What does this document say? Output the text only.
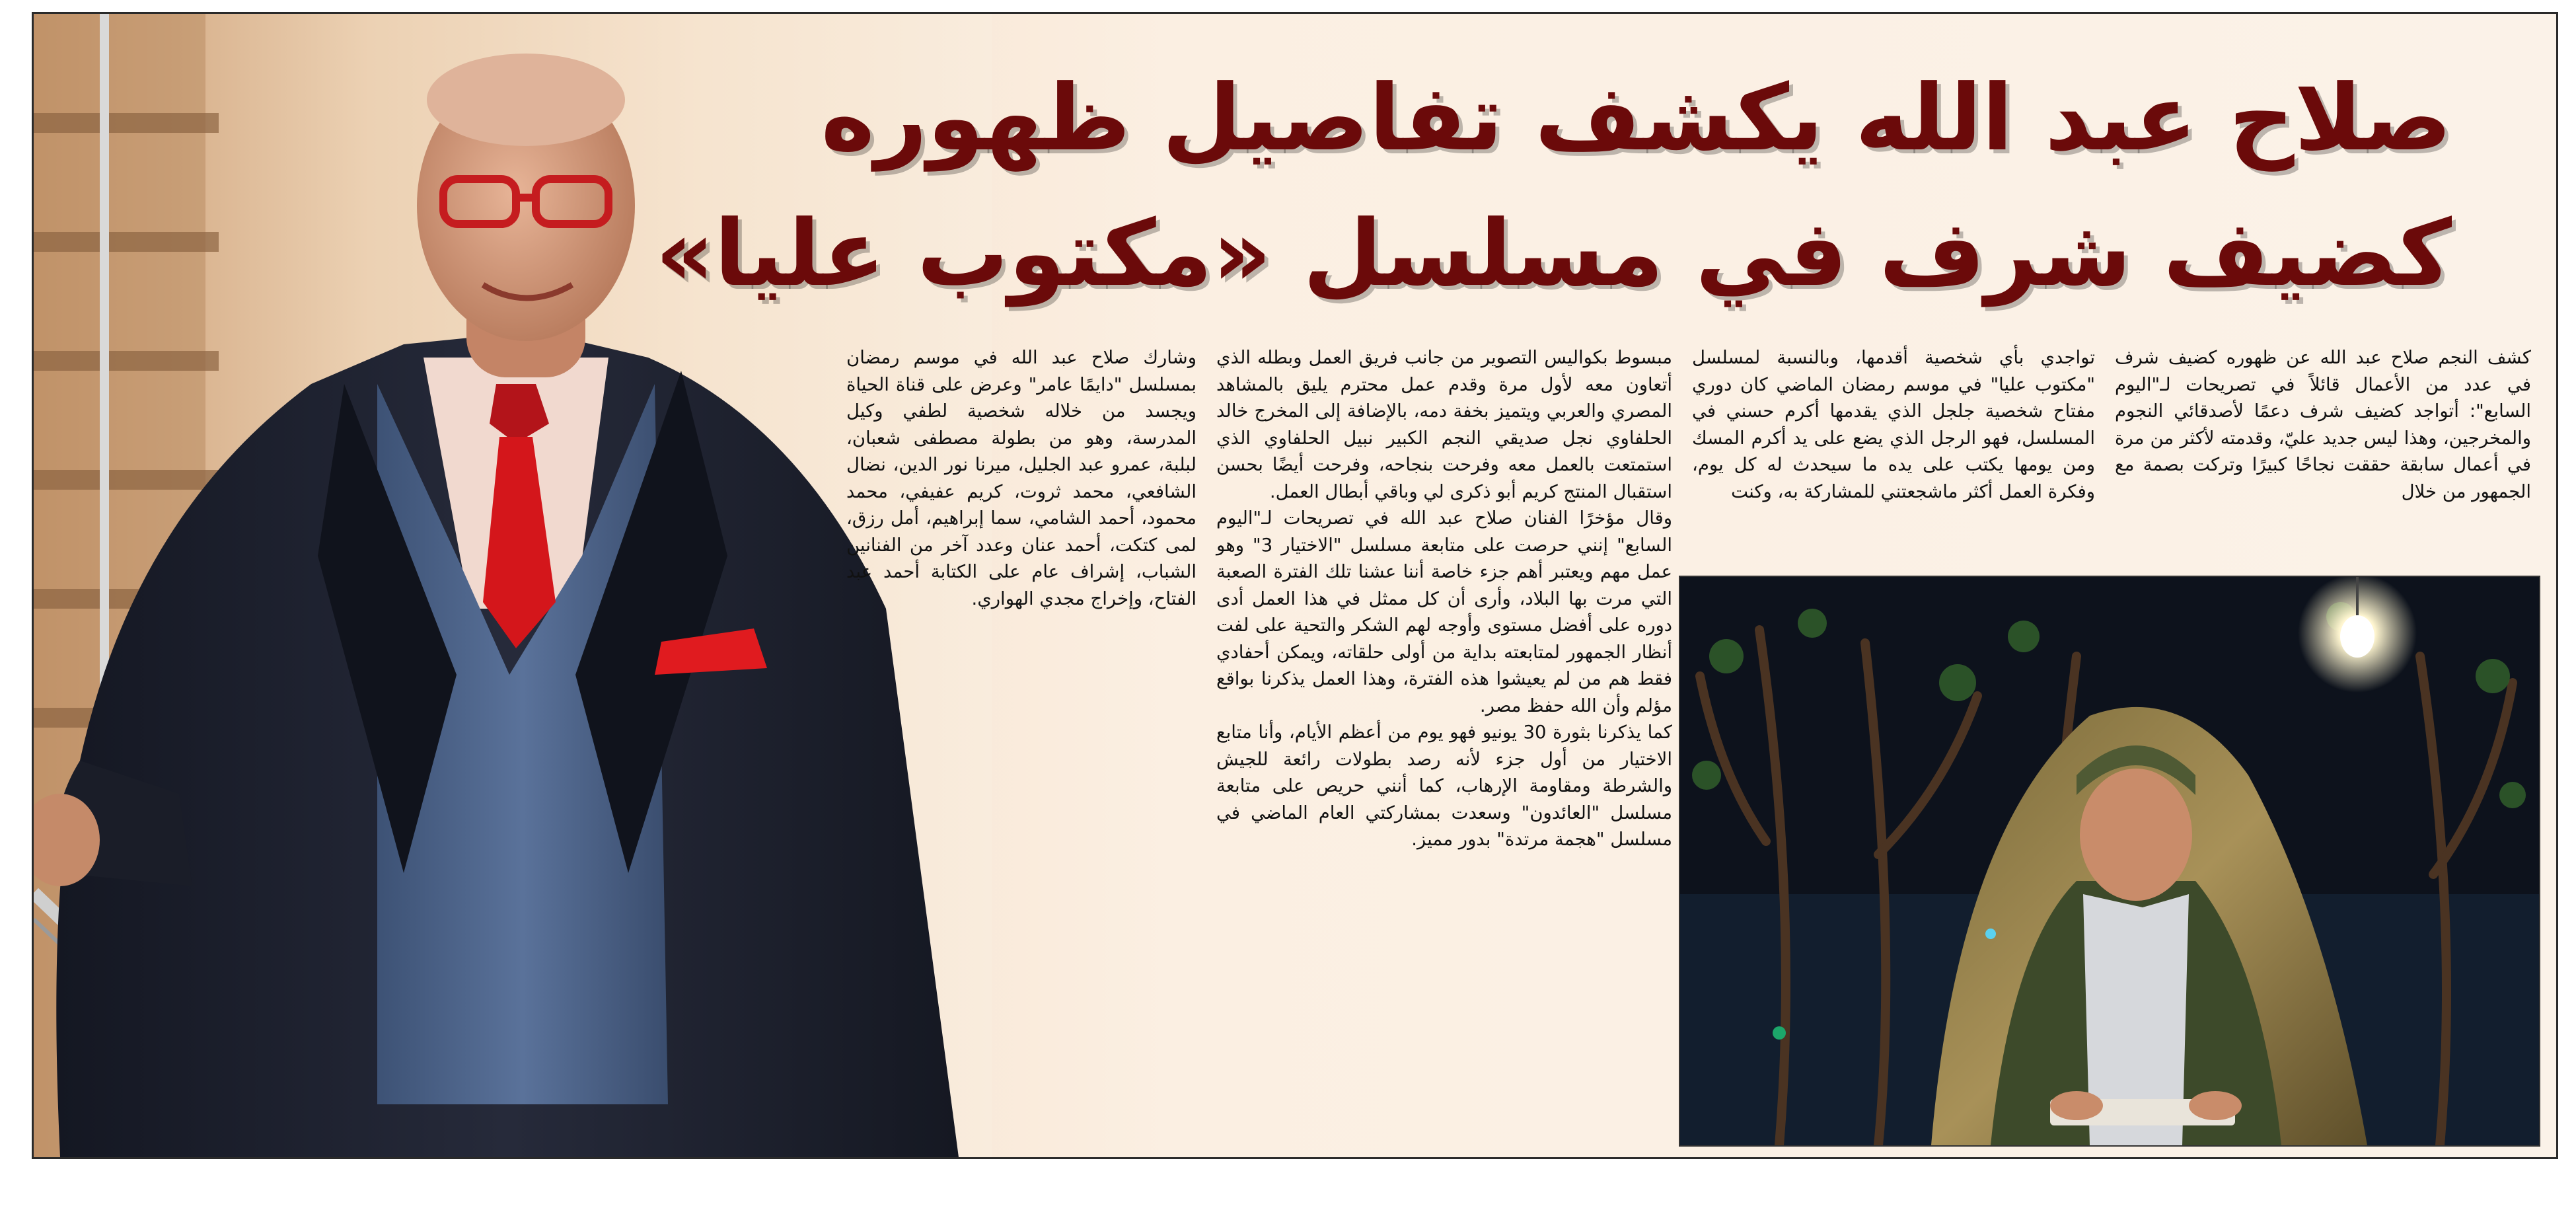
صلاح عبد الله يكشف تفاصيل ظهوره
كضيف شرف في مسلسل «مكتوب عليا»

كشف النجم صلاح عبد الله عن ظهوره كضيف شرف في عدد من الأعمال قائلاً في تصريحات لـ"اليوم السابع": أتواجد كضيف شرف دعمًا لأصدقائي النجوم والمخرجين، وهذا ليس جديد عليّ، وقدمته لأكثر من مرة في أعمال سابقة حققت نجاحًا كبيرًا وتركت بصمة مع الجمهور من خلال

تواجدي بأي شخصية أقدمها، وبالنسبة لمسلسل "مكتوب عليا" في موسم رمضان الماضي كان دوري مفتاح شخصية جلجل الذي يقدمها أكرم حسني في المسلسل، فهو الرجل الذي يضع على يد أكرم المسك ومن يومها يكتب على يده ما سيحدث له كل يوم، وفكرة العمل أكثر ماشجعتني للمشاركة به، وكنت

مبسوط بكواليس التصوير من جانب فريق العمل وبطله الذي أتعاون معه لأول مرة وقدم عمل محترم يليق بالمشاهد المصري والعربي ويتميز بخفة دمه، بالإضافة إلى المخرج خالد الحلفاوي نجل صديقي النجم الكبير نبيل الحلفاوي الذي استمتعت بالعمل معه وفرحت بنجاحه، وفرحت أيضًا بحسن استقبال المنتج كريم أبو ذكرى لي وباقي أبطال العمل.
وقال مؤخرًا الفنان صلاح عبد الله في تصريحات لـ"اليوم السابع" إنني حرصت على متابعة مسلسل "الاختيار 3" وهو عمل مهم ويعتبر أهم جزء خاصة أننا عشنا تلك الفترة الصعبة التي مرت بها البلاد، وأرى أن كل ممثل في هذا العمل أدى دوره على أفضل مستوى وأوجه لهم الشكر والتحية على لفت أنظار الجمهور لمتابعته بداية من أولى حلقاته، ويمكن أحفادي فقط هم من لم يعيشوا هذه الفترة، وهذا العمل يذكرنا بواقع مؤلم وأن الله حفظ مصر.
كما يذكرنا بثورة 30 يونيو فهو يوم من أعظم الأيام، وأنا متابع الاختيار من أول جزء لأنه رصد بطولات رائعة للجيش والشرطة ومقاومة الإرهاب، كما أنني حريص على متابعة مسلسل "العائدون" وسعدت بمشاركتي العام الماضي في مسلسل "هجمة مرتدة" بدور مميز.

وشارك صلاح عبد الله في موسم رمضان بمسلسل "دايمًا عامر" وعرض على قناة الحياة ويجسد من خلاله شخصية لطفي وكيل المدرسة، وهو من بطولة مصطفى شعبان، لبلبة، عمرو عبد الجليل، ميرنا نور الدين، نضال الشافعي، محمد ثروت، كريم عفيفي، محمد محمود، أحمد الشامي، سما إبراهيم، أمل رزق، لمى كتكت، أحمد عنان وعدد آخر من الفنانين الشباب، إشراف عام على الكتابة أحمد عبد الفتاح، وإخراج مجدي الهواري.
